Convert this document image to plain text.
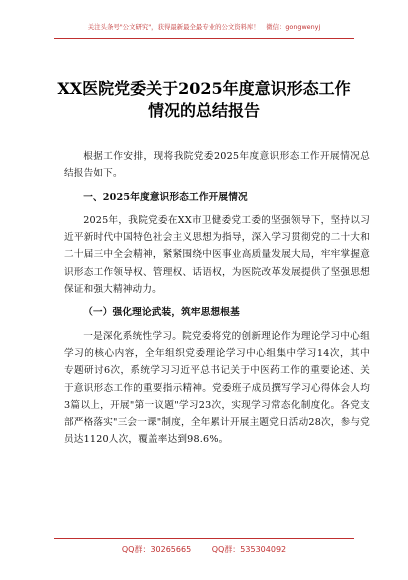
关注头条号"公文研究"，获得最新最全最专业的公文资料库！　微信：gongwenyj
XX医院党委关于2025年度意识形态工作
情况的总结报告

根据工作安排，现将我院党委2025年度意识形态工作开展情况总结报告如下。

一、2025年度意识形态工作开展情况

2025年，我院党委在XX市卫健委党工委的坚强领导下，坚持以习近平新时代中国特色社会主义思想为指导，深入学习贯彻党的二十大和二十届三中全会精神，紧紧围绕中医事业高质量发展大局，牢牢掌握意识形态工作领导权、管理权、话语权，为医院改革发展提供了坚强思想保证和强大精神动力。

（一）强化理论武装，筑牢思想根基

一是深化系统性学习。院党委将党的创新理论作为理论学习中心组学习的核心内容，全年组织党委理论学习中心组集中学习14次，其中专题研讨6次，系统学习习近平总书记关于中医药工作的重要论述、关于意识形态工作的重要指示精神。党委班子成员撰写学习心得体会人均3篇以上，开展"第一议题"学习23次，实现学习常态化制度化。各党支部严格落实"三会一课"制度，全年累计开展主题党日活动28次，参与党员达1120人次，覆盖率达到98.6%。

QQ群：30265665	QQ群：535304092
